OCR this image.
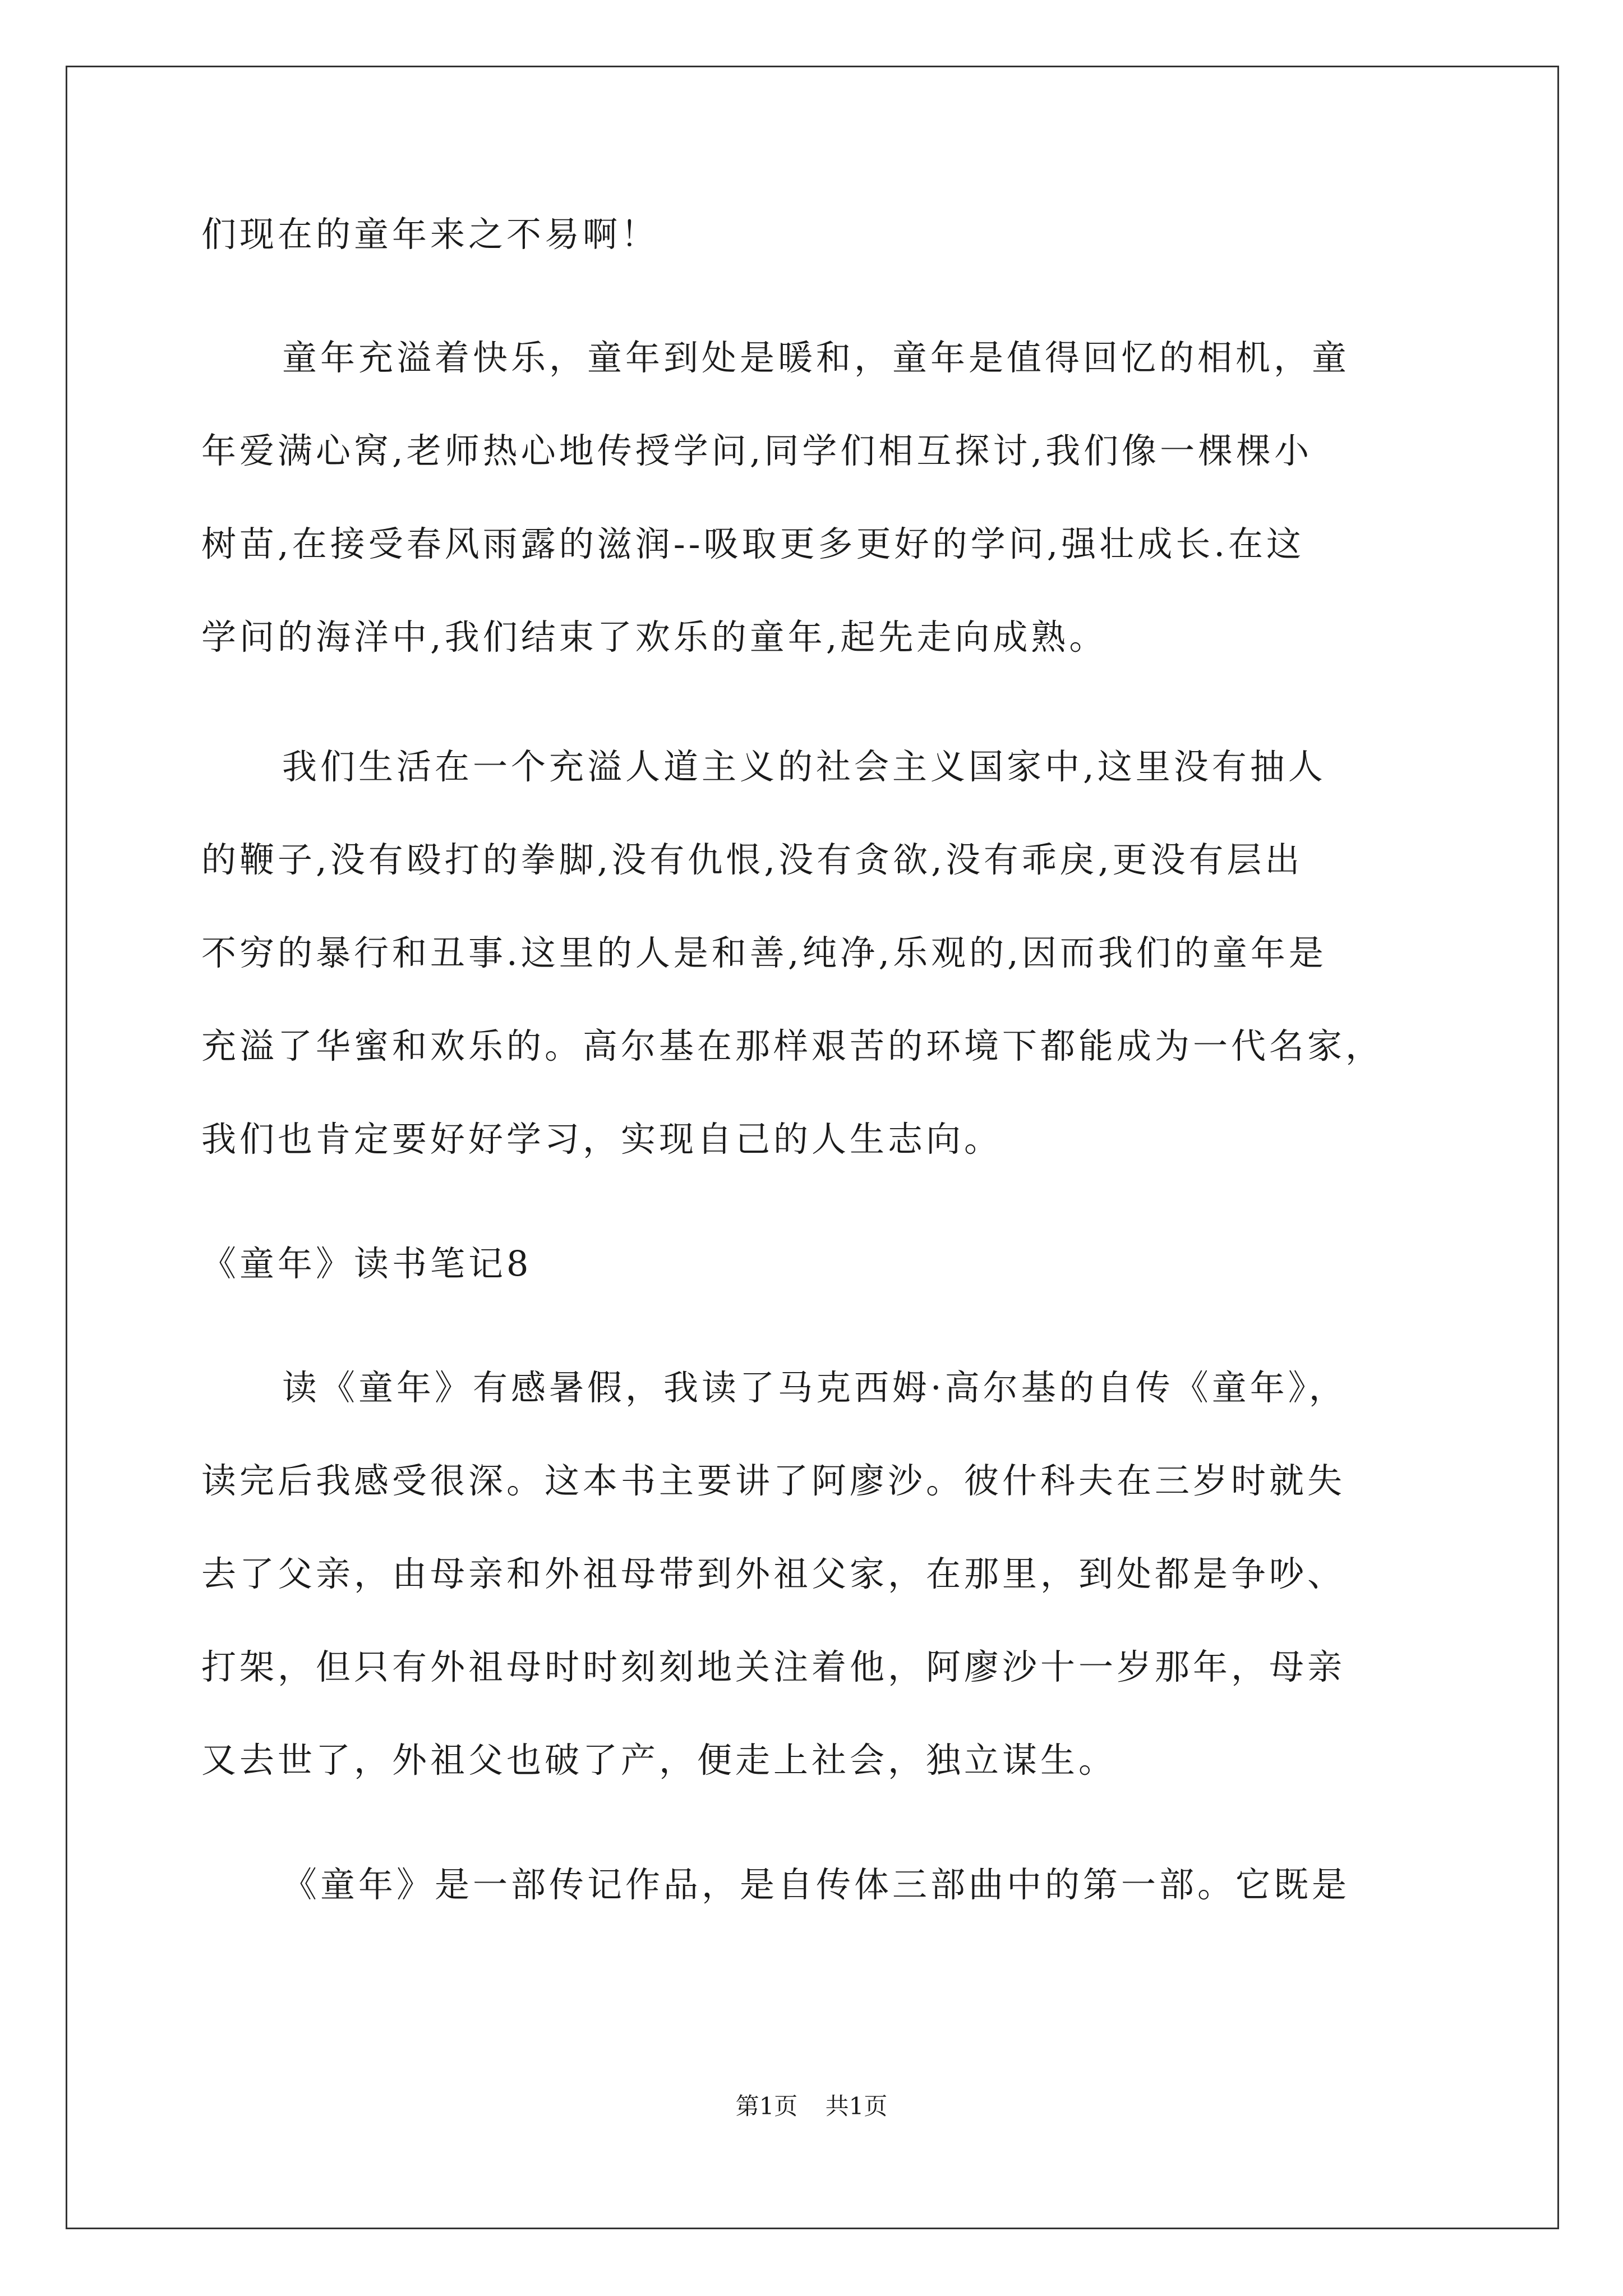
们现在的童年来之不易啊！
童年充溢着快乐，童年到处是暖和，童年是值得回忆的相机，童
年爱满心窝,老师热心地传授学问,同学们相互探讨,我们像一棵棵小
树苗,在接受春风雨露的滋润--吸取更多更好的学问,强壮成长.在这
学问的海洋中,我们结束了欢乐的童年,起先走向成熟。
我们生活在一个充溢人道主义的社会主义国家中,这里没有抽人
的鞭子,没有殴打的拳脚,没有仇恨,没有贪欲,没有乖戾,更没有层出
不穷的暴行和丑事.这里的人是和善,纯净,乐观的,因而我们的童年是
充溢了华蜜和欢乐的。高尔基在那样艰苦的环境下都能成为一代名家，
我们也肯定要好好学习，实现自己的人生志向。
《童年》读书笔记8
读《童年》有感暑假，我读了马克西姆·高尔基的自传《童年》，
读完后我感受很深。这本书主要讲了阿廖沙。彼什科夫在三岁时就失
去了父亲，由母亲和外祖母带到外祖父家，在那里，到处都是争吵、
打架，但只有外祖母时时刻刻地关注着他，阿廖沙十一岁那年，母亲
又去世了，外祖父也破了产，便走上社会，独立谋生。
《童年》是一部传记作品，是自传体三部曲中的第一部。它既是
第1页 共1页
